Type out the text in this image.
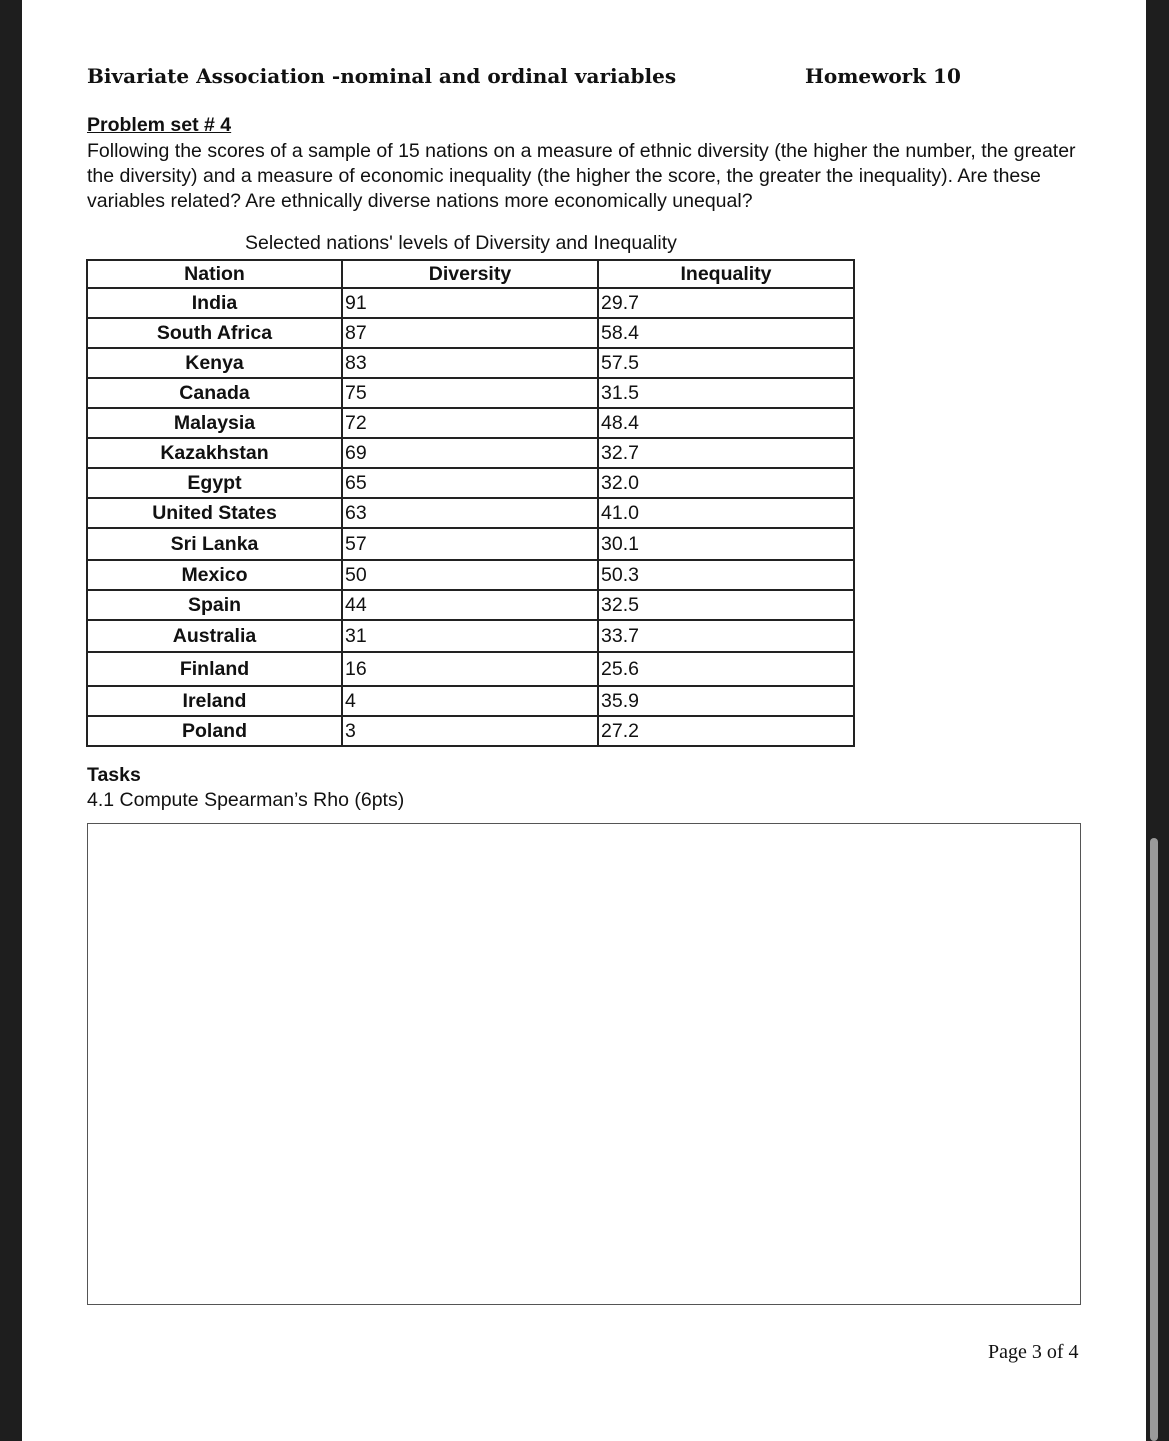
Bivariate Association -nominal and ordinal variables	Homework 10
Problem set # 4
Following the scores of a sample of 15 nations on a measure of ethnic diversity (the higher the number, the greater the diversity) and a measure of economic inequality (the higher the score, the greater the inequality). Are these variables related? Are ethnically diverse nations more economically unequal?
Selected nations' levels of Diversity and Inequality
Nation	Diversity	Inequality
India	91	29.7
South Africa	87	58.4
Kenya	83	57.5
Canada	75	31.5
Malaysia	72	48.4
Kazakhstan	69	32.7
Egypt	65	32.0
United States	63	41.0
Sri Lanka	57	30.1
Mexico	50	50.3
Spain	44	32.5
Australia	31	33.7
Finland	16	25.6
Ireland	4	35.9
Poland	3	27.2
Tasks
4.1 Compute Spearman’s Rho (6pts)
Page 3 of 4
